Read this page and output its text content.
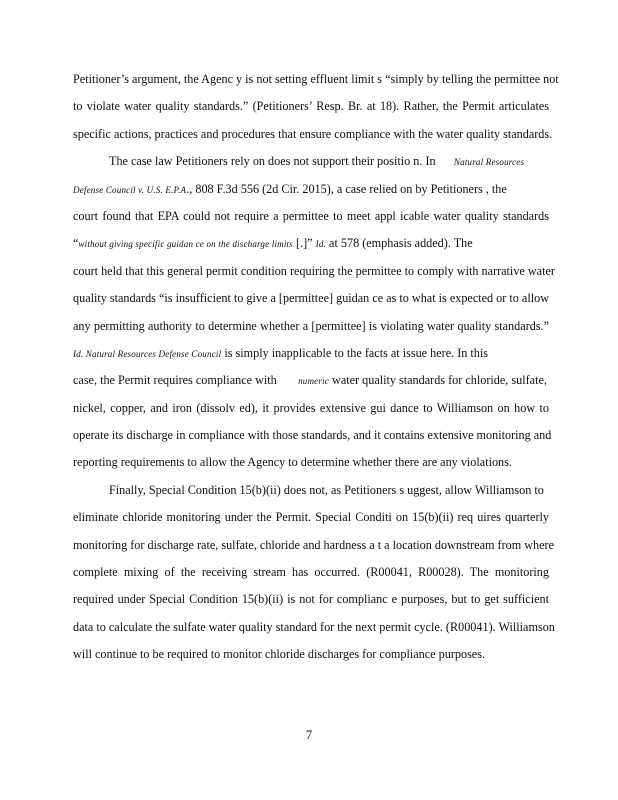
Petitioner’s argument, the Agenc y is not setting effluent limit s “simply by telling the permittee not
to violate water quality standards.” (Petitioners’ Resp. Br. at 18). Rather, the Permit articulates
specific actions, practices and procedures that ensure compliance with the water quality standards.
The case law Petitioners rely on does not support their positio n. In Natural Resources
Defense Council v. U.S. E.P.A., 808 F.3d 556 (2d Cir. 2015), a case relied on by Petitioners , the
court found that EPA could not require a permittee to meet appl icable water quality standards
“without giving specific guidan ce on the discharge limits [.]” Id. at 578 (emphasis added). The
court held that this general permit condition requiring the permittee to comply with narrative water
quality standards “is insufficient to give a [permittee] guidan ce as to what is expected or to allow
any permitting authority to determine whether a [permittee] is violating water quality standards.”
Id. Natural Resources Defense Council is simply inapplicable to the facts at issue here. In this
case, the Permit requires compliance with numeric water quality standards for chloride, sulfate,
nickel, copper, and iron (dissolv ed), it provides extensive gui dance to Williamson on how to
operate its discharge in compliance with those standards, and it contains extensive monitoring and
reporting requirements to allow the Agency to determine whether there are any violations.
Finally, Special Condition 15(b)(ii) does not, as Petitioners s uggest, allow Williamson to
eliminate chloride monitoring under the Permit. Special Conditi on 15(b)(ii) req uires quarterly
monitoring for discharge rate, sulfate, chloride and hardness a t a location downstream from where
complete mixing of the receiving stream has occurred. (R00041, R00028). The monitoring
required under Special Condition 15(b)(ii) is not for complianc e purposes, but to get sufficient
data to calculate the sulfate water quality standard for the next permit cycle. (R00041). Williamson
will continue to be required to monitor chloride discharges for compliance purposes.
7
